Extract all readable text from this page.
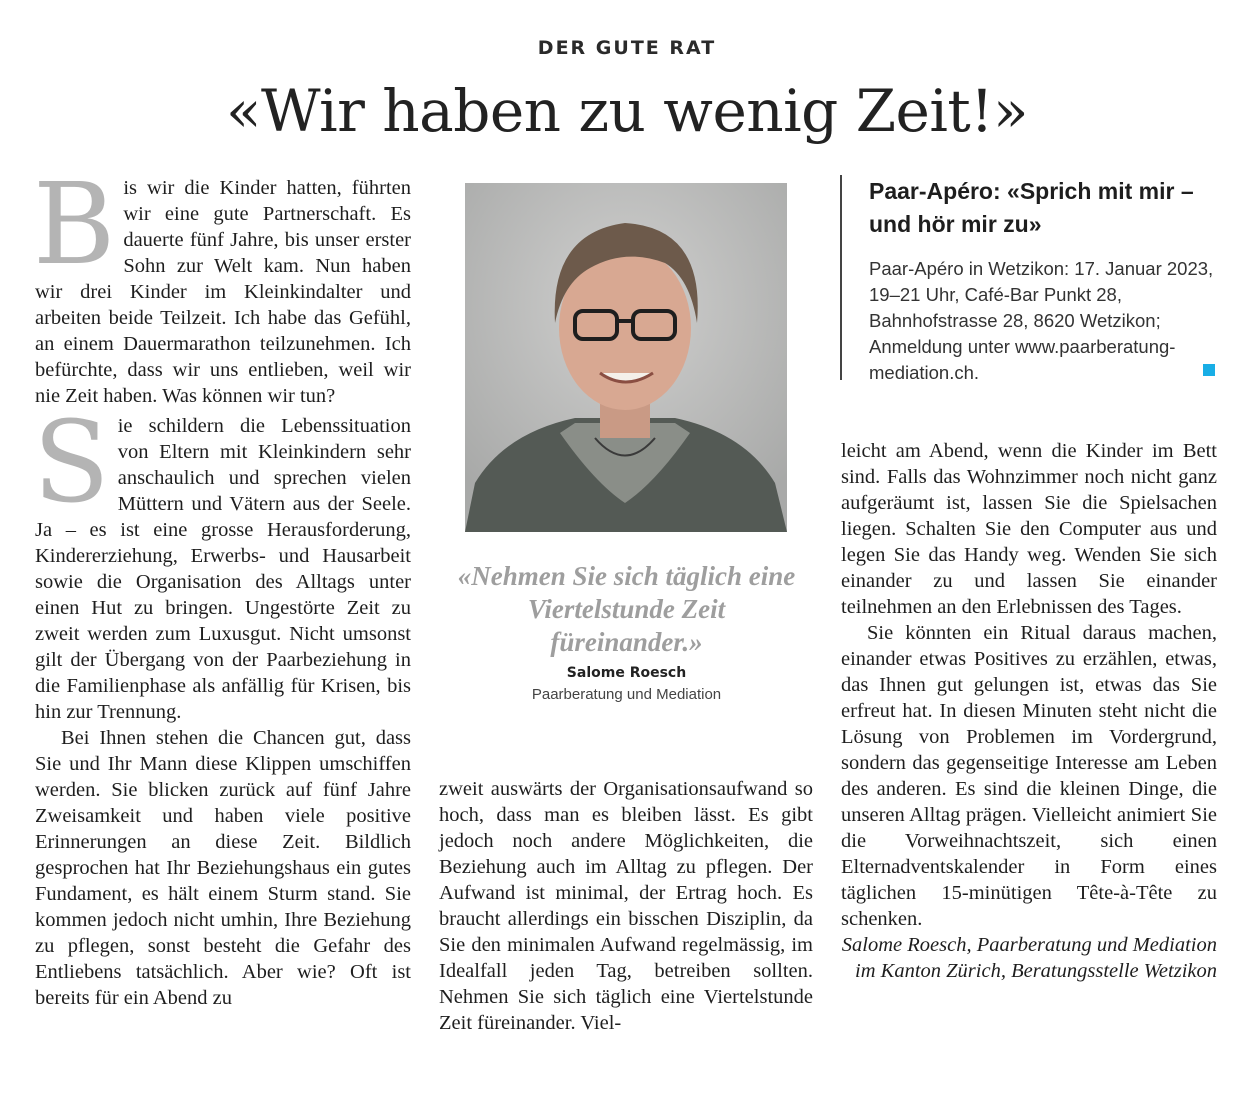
DER GUTE RAT
«Wir haben zu wenig Zeit!»

Bis wir die Kinder hatten, führten wir eine gute Partnerschaft. Es dauerte fünf Jahre, bis unser erster Sohn zur Welt kam. Nun haben wir drei Kinder im Kleinkindalter und arbeiten beide Teilzeit. Ich habe das Gefühl, an einem Dauermarathon teilzunehmen. Ich befürchte, dass wir uns entlieben, weil wir nie Zeit haben. Was können wir tun?

Sie schildern die Lebenssituation von Eltern mit Kleinkindern sehr anschaulich und sprechen vielen Müttern und Vätern aus der Seele. Ja – es ist eine grosse Herausforderung, Kindererziehung, Erwerbs- und Hausarbeit sowie die Organisation des Alltags unter einen Hut zu bringen. Ungestörte Zeit zu zweit werden zum Luxusgut. Nicht umsonst gilt der Übergang von der Paarbeziehung in die Familienphase als anfällig für Krisen, bis hin zur Trennung.

Bei Ihnen stehen die Chancen gut, dass Sie und Ihr Mann diese Klippen umschiffen werden. Sie blicken zurück auf fünf Jahre Zweisamkeit und haben viele positive Erinnerungen an diese Zeit. Bildlich gesprochen hat Ihr Beziehungshaus ein gutes Fundament, es hält einem Sturm stand. Sie kommen jedoch nicht umhin, Ihre Beziehung zu pflegen, sonst besteht die Gefahr des Entliebens tatsächlich. Aber wie? Oft ist bereits für ein Abend zu

«Nehmen Sie sich täglich eine Viertelstunde Zeit füreinander.»
Salome Roesch
Paarberatung und Mediation

zweit auswärts der Organisationsaufwand so hoch, dass man es bleiben lässt. Es gibt jedoch noch andere Möglichkeiten, die Beziehung auch im Alltag zu pflegen. Der Aufwand ist minimal, der Ertrag hoch. Es braucht allerdings ein bisschen Disziplin, da Sie den minimalen Aufwand regelmässig, im Idealfall jeden Tag, betreiben sollten. Nehmen Sie sich täglich eine Viertelstunde Zeit füreinander. Viel-

Paar-Apéro: «Sprich mit mir – und hör mir zu»
Paar-Apéro in Wetzikon: 17. Januar 2023, 19–21 Uhr, Café-Bar Punkt 28, Bahnhofstrasse 28, 8620 Wetzikon; Anmeldung unter www.paarberatung-mediation.ch.

leicht am Abend, wenn die Kinder im Bett sind. Falls das Wohnzimmer noch nicht ganz aufgeräumt ist, lassen Sie die Spielsachen liegen. Schalten Sie den Computer aus und legen Sie das Handy weg. Wenden Sie sich einander zu und lassen Sie einander teilnehmen an den Erlebnissen des Tages.

Sie könnten ein Ritual daraus machen, einander etwas Positives zu erzählen, etwas, das Ihnen gut gelungen ist, etwas das Sie erfreut hat. In diesen Minuten steht nicht die Lösung von Problemen im Vordergrund, sondern das gegenseitige Interesse am Leben des anderen. Es sind die kleinen Dinge, die unseren Alltag prägen. Vielleicht animiert Sie die Vorweihnachtszeit, sich einen Elternadventskalender in Form eines täglichen 15-minütigen Tête-à-Tête zu schenken.

Salome Roesch, Paarberatung und Mediation im Kanton Zürich, Beratungsstelle Wetzikon
